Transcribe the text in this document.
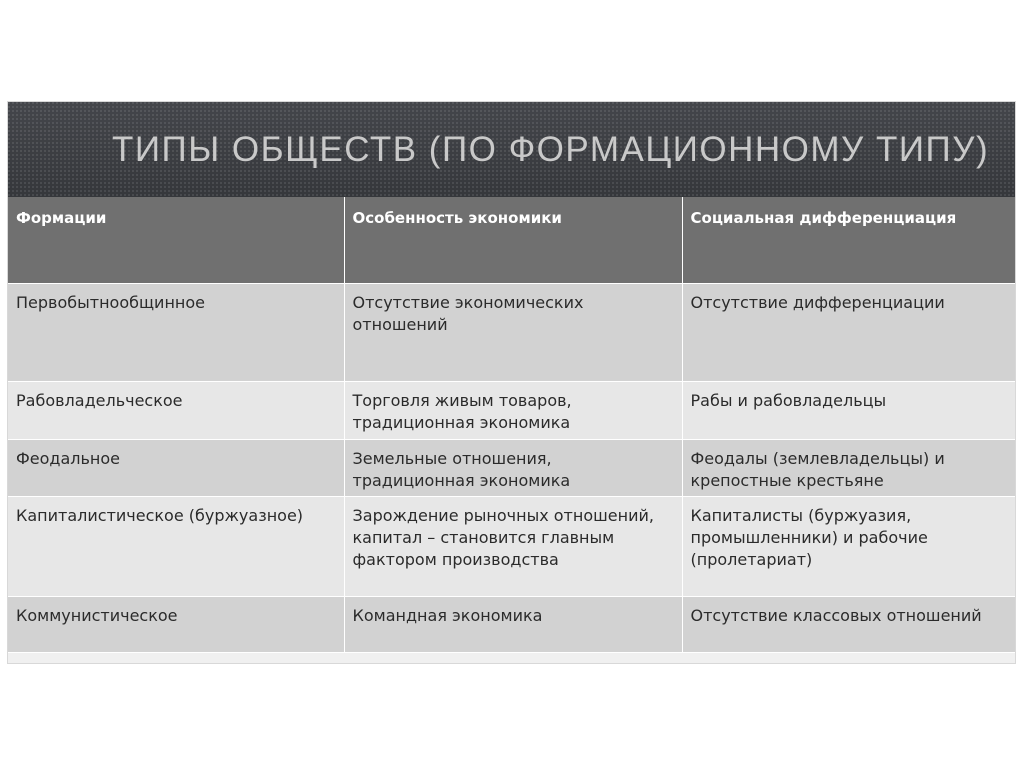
ТИПЫ ОБЩЕСТВ (ПО ФОРМАЦИОННОМУ ТИПУ)
Формации	Особенность экономики	Социальная дифференциация
Первобытнообщинное	Отсутствие экономических отношений	Отсутствие дифференциации
Рабовладельческое	Торговля живым товаров, традиционная экономика	Рабы и рабовладельцы
Феодальное	Земельные отношения, традиционная экономика	Феодалы (землевладельцы) и крепостные крестьяне
Капиталистическое (буржуазное)	Зарождение рыночных отношений, капитал – становится главным фактором производства	Капиталисты (буржуазия, промышленники) и рабочие (пролетариат)
Коммунистическое	Командная экономика	Отсутствие классовых отношений
